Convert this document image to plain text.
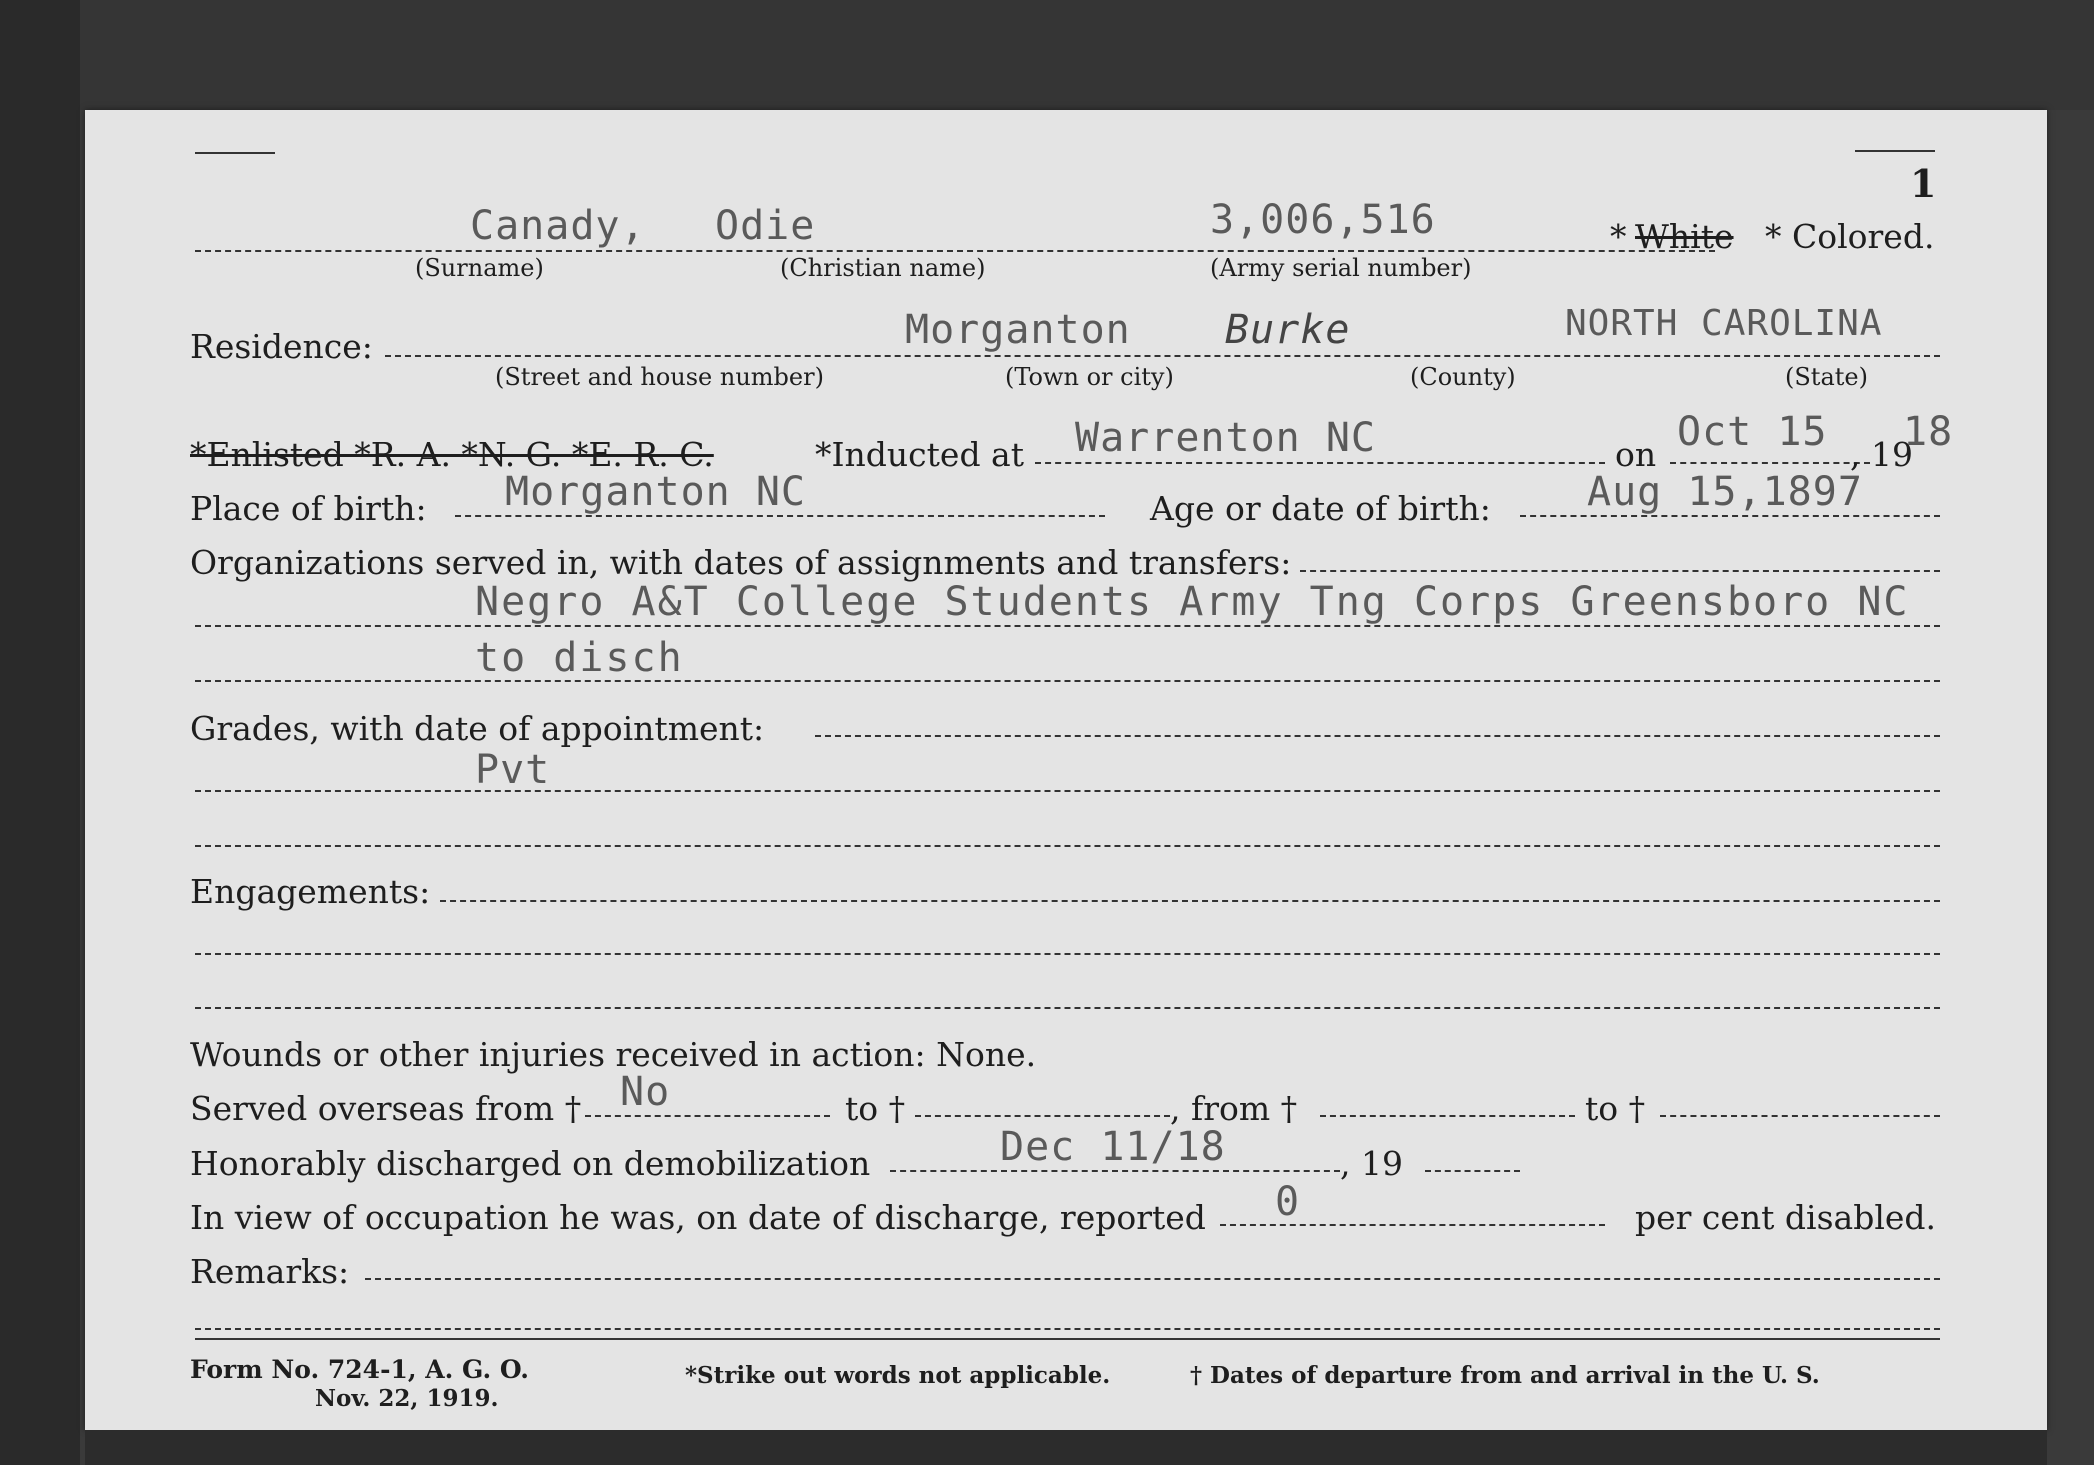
1
Canady, Odie	3,006,516	* White * Colored.
(Surname)	(Christian name)	(Army serial number)
Residence:	Morganton Burke	NORTH CAROLINA
(Street and house number)	(Town or city)	(County)	(State)
*Enlisted *R. A. *N. G. *E. R. C.	*Inducted at Warrenton NC	on Oct 15 , 19
18
Place of birth: Morganton NC	Age or date of birth: Aug 15,1897
Organizations served in, with dates of assignments and transfers:
Negro A&T College Students Army Tng Corps Greensboro NC
to disch
Grades, with date of appointment:
Pvt
Engagements:
Wounds or other injuries received in action: None.
Served overseas from † No	to †	, from †	to †
Honorably discharged on demobilization	Dec 11/18	, 19
In view of occupation he was, on date of discharge, reported 0	per cent disabled.
Remarks:
Form No. 724-1, A. G. O.
Nov. 22, 1919.
*Strike out words not applicable.	† Dates of departure from and arrival in the U. S.
